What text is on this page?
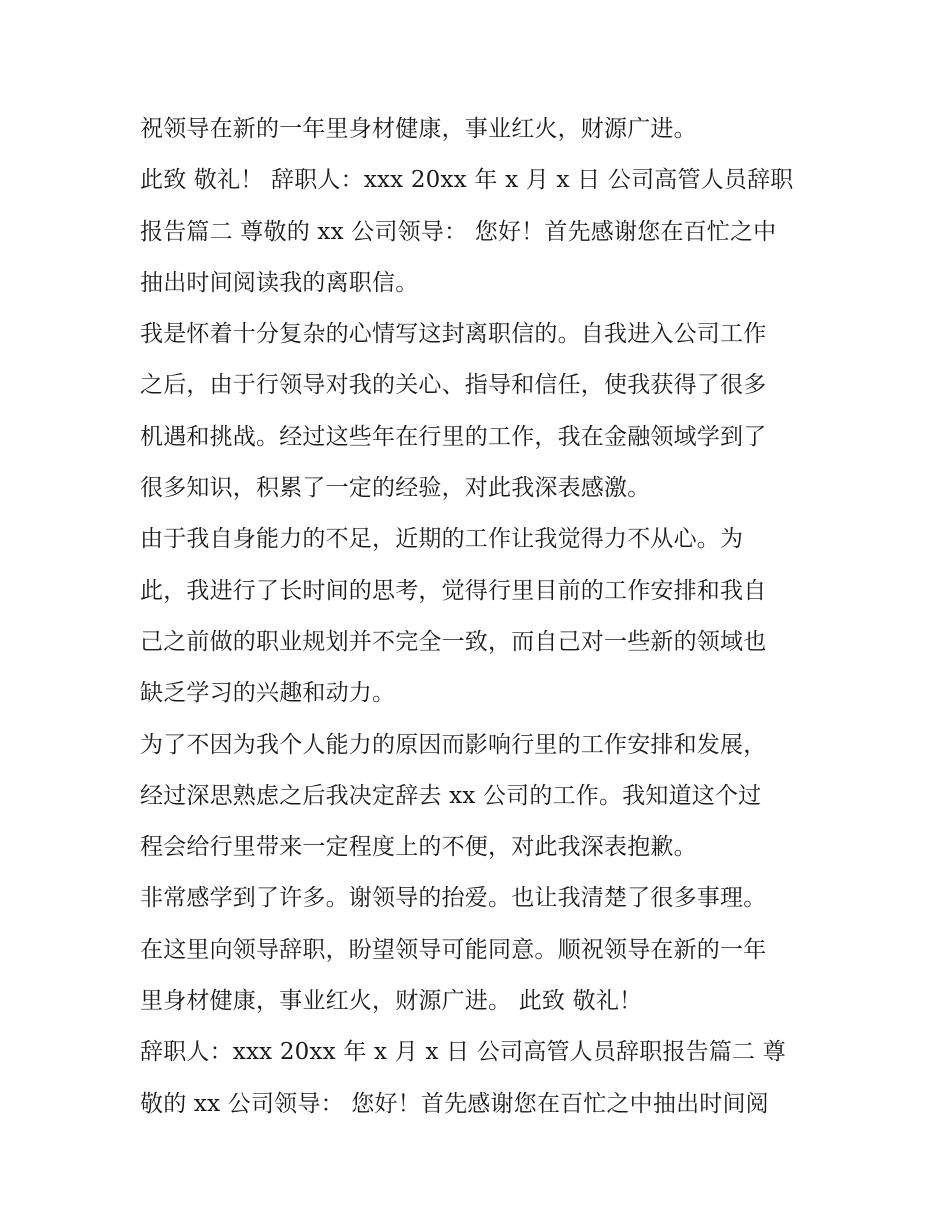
祝领导在新的一年里身材健康，事业红火，财源广进。

此致 敬礼！ 辞职人：xxx 20xx 年 x 月 x 日 公司高管人员辞职
报告篇二 尊敬的 xx 公司领导： 您好！首先感谢您在百忙之中
抽出时间阅读我的离职信。

我是怀着十分复杂的心情写这封离职信的。自我进入公司工作
之后，由于行领导对我的关心、指导和信任，使我获得了很多
机遇和挑战。经过这些年在行里的工作，我在金融领域学到了
很多知识，积累了一定的经验，对此我深表感激。

由于我自身能力的不足，近期的工作让我觉得力不从心。为
此，我进行了长时间的思考，觉得行里目前的工作安排和我自
己之前做的职业规划并不完全一致，而自己对一些新的领域也
缺乏学习的兴趣和动力。

为了不因为我个人能力的原因而影响行里的工作安排和发展，
经过深思熟虑之后我决定辞去 xx 公司的工作。我知道这个过
程会给行里带来一定程度上的不便，对此我深表抱歉。

非常感学到了许多。谢领导的抬爱。也让我清楚了很多事理。
在这里向领导辞职，盼望领导可能同意。顺祝领导在新的一年
里身材健康，事业红火，财源广进。 此致 敬礼！

辞职人：xxx 20xx 年 x 月 x 日 公司高管人员辞职报告篇二 尊
敬的 xx 公司领导： 您好！首先感谢您在百忙之中抽出时间阅
